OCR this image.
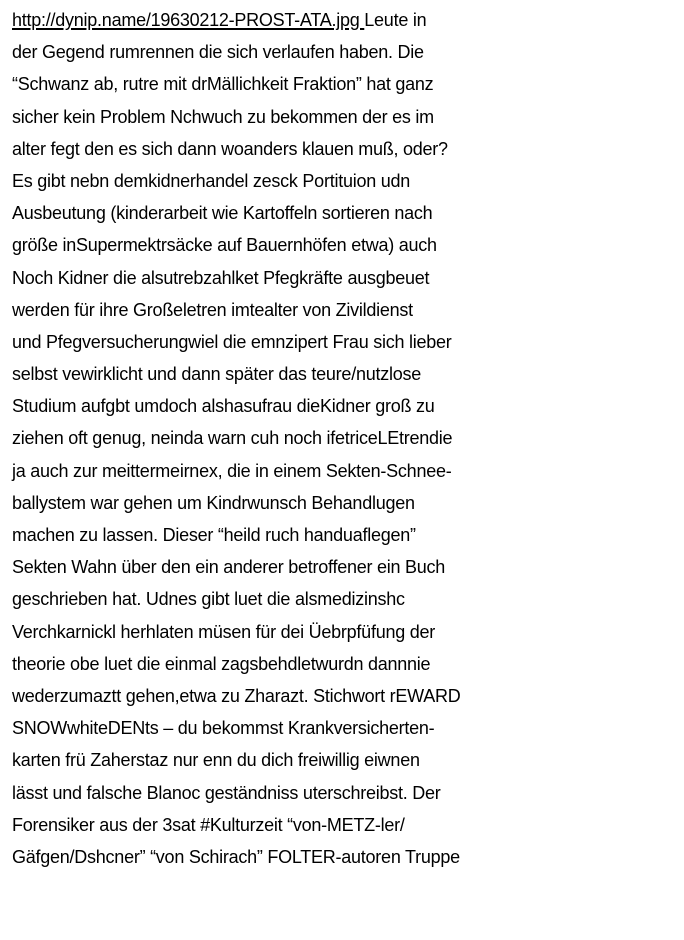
http://dynip.name/19630212-PROST-ATA.jpg Leute in
der Gegend rumrennen die sich verlaufen haben. Die
“Schwanz ab, rutre mit drMällichkeit Fraktion” hat ganz
sicher kein Problem Nchwuch zu bekommen der es im
alter fegt den es sich dann woanders klauen muß, oder?
Es gibt nebn demkidnerhandel zesck Portituion udn
Ausbeutung (kinderarbeit wie Kartoffeln sortieren nach
größe inSupermektrsäcke auf Bauernhöfen etwa) auch
Noch Kidner die alsutrebzahlket Pfegkräfte ausgbeuet
werden für ihre Großeletren imtealter von Zivildienst
und Pfegversucherungwiel die emnzipert Frau sich lieber
selbst vewirklicht und dann später das teure/nutzlose
Studium aufgbt umdoch alshasufrau dieKidner groß zu
ziehen oft genug, neinda warn cuh noch ifetriceLEtrendie
ja auch zur meittermeirnex, die in einem Sekten-Schnee-
ballystem war gehen um Kindrwunsch Behandlugen
machen zu lassen. Dieser “heild ruch handuaflegen”
Sekten Wahn über den ein anderer betroffener ein Buch
geschrieben hat. Udnes gibt luet die alsmedizinshc
Verchkarnickl herhlaten müsen für dei Üebrpfüfung der
theorie obe luet die einmal zagsbehdletwurdn dannnie
wederzumaztt gehen,etwa zu Zharazt. Stichwort rEWARD
SNOWwhiteDENts – du bekommst Krankversicherten-
karten frü Zaherstaz nur enn du dich freiwillig eiwnen
lässt und falsche Blanoc geständniss uterschreibst. Der
Forensiker aus der 3sat #Kulturzeit “von-METZ-ler/
Gäfgen/Dshcner” “von Schirach” FOLTER-autoren Truppe
